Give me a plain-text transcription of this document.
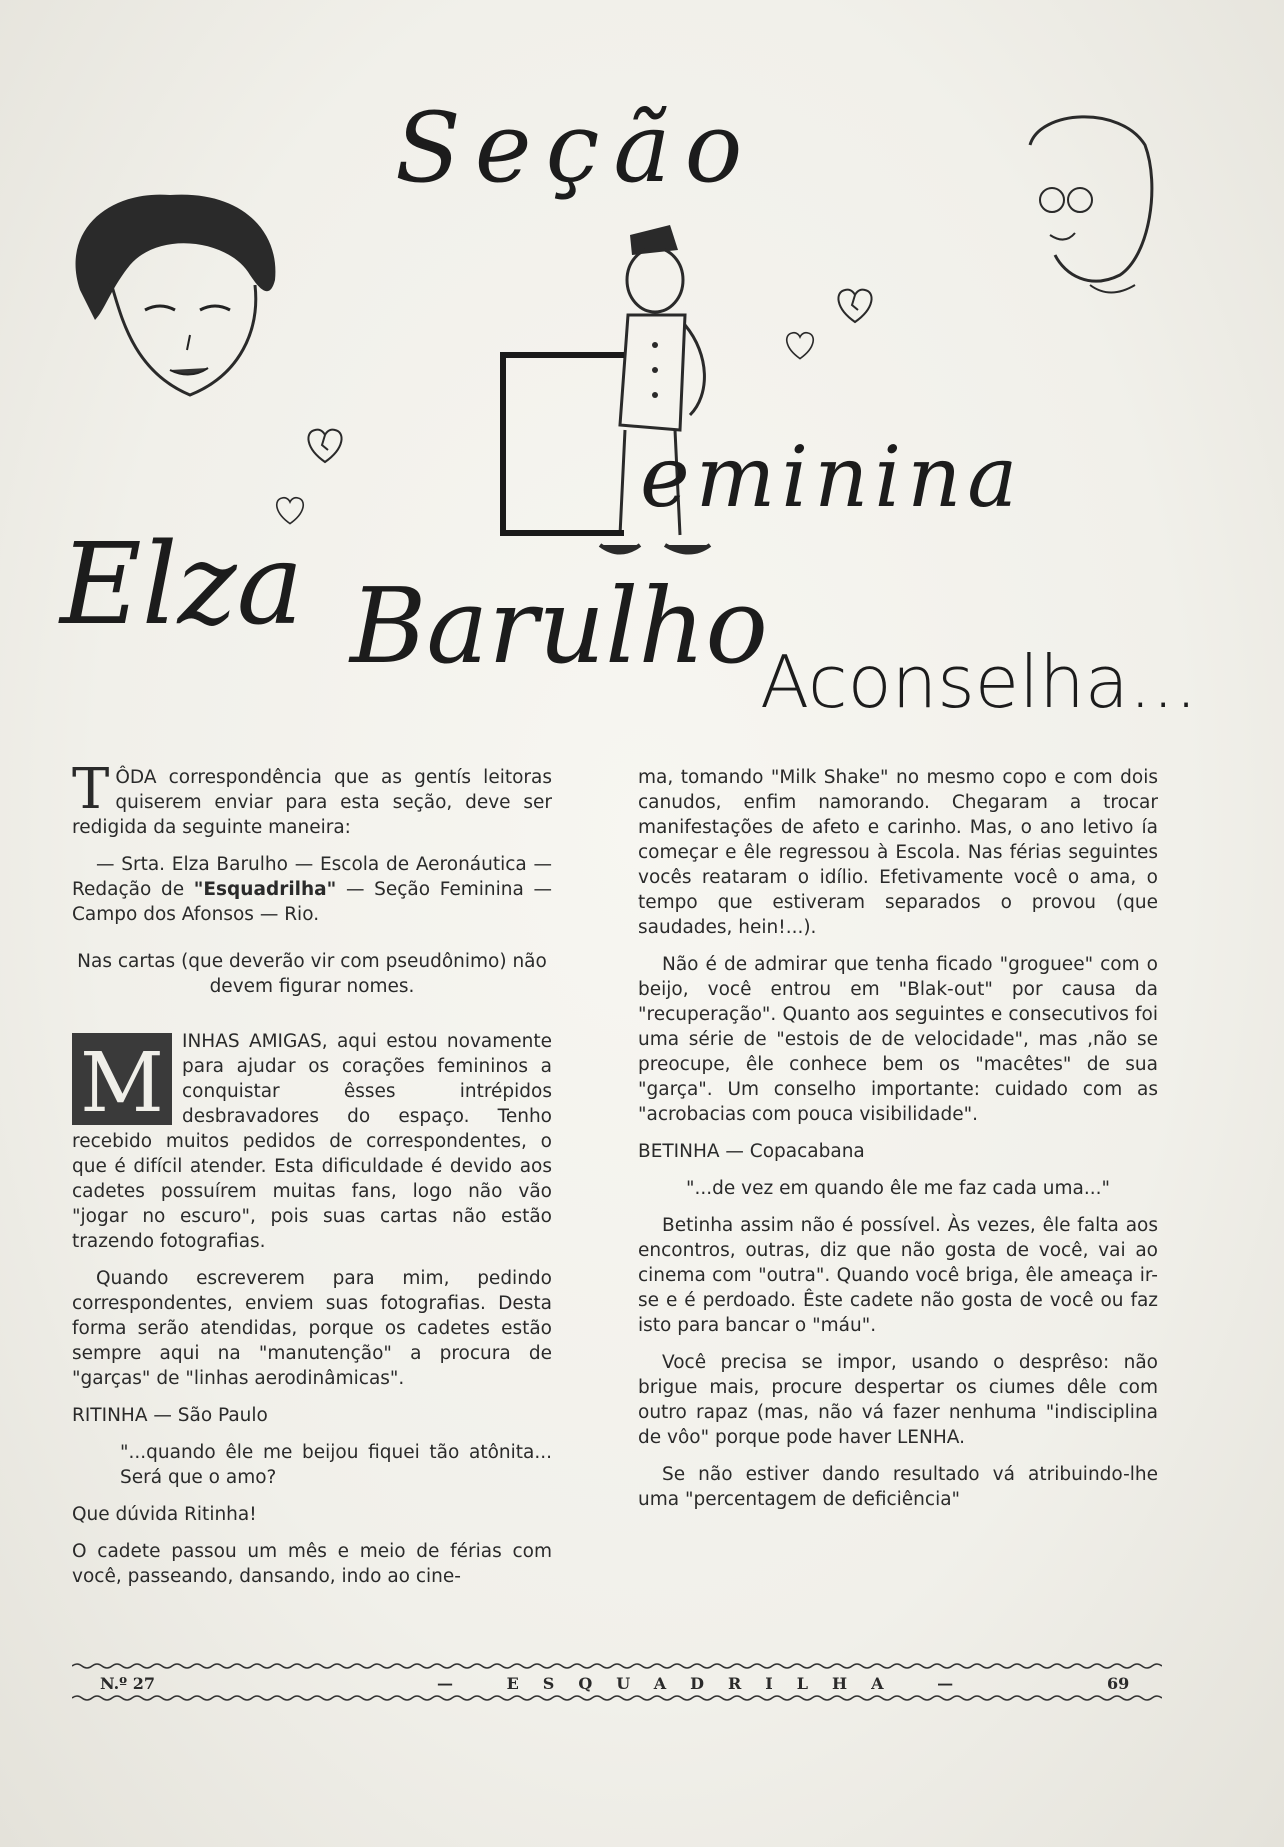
Seção
eminina
Elza Barulho
Aconselha...

T ÔDA correspondência que as gentís leitoras quiserem enviar para esta seção, deve ser redigida da seguinte maneira:

— Srta. Elza Barulho — Escola de Aeronáutica — Redação de "Esquadrilha" — Seção Feminina — Campo dos Afonsos — Rio.

Nas cartas (que deverão vir com pseudônimo) não devem figurar nomes.

M INHAS AMIGAS, aqui estou novamente para ajudar os corações femininos a conquistar êsses intrépidos desbravadores do espaço. Tenho recebido muitos pedidos de correspondentes, o que é difícil atender. Esta dificuldade é devido aos cadetes possuírem muitas fans, logo não vão "jogar no escuro", pois suas cartas não estão trazendo fotografias.

Quando escreverem para mim, pedindo correspondentes, enviem suas fotografias. Desta forma serão atendidas, porque os cadetes estão sempre aqui na "manutenção" a procura de "garças" de "linhas aerodinâmicas".

RITINHA — São Paulo

"...quando êle me beijou fiquei tão atônita... Será que o amo?

Que dúvida Ritinha!

O cadete passou um mês e meio de férias com você, passeando, dansando, indo ao cine-

ma, tomando "Milk Shake" no mesmo copo e com dois canudos, enfim namorando. Chegaram a trocar manifestações de afeto e carinho. Mas, o ano letivo ía começar e êle regressou à Escola. Nas férias seguintes vocês reataram o idílio. Efetivamente você o ama, o tempo que estiveram separados o provou (que saudades, hein!...).

Não é de admirar que tenha ficado "groguee" com o beijo, você entrou em "Blak-out" por causa da "recuperação". Quanto aos seguintes e consecutivos foi uma série de "estois de de velocidade", mas ,não se preocupe, êle conhece bem os "macêtes" de sua "garça". Um conselho importante: cuidado com as "acrobacias com pouca visibilidade".

BETINHA — Copacabana

"...de vez em quando êle me faz cada uma..."

Betinha assim não é possível. Às vezes, êle falta aos encontros, outras, diz que não gosta de você, vai ao cinema com "outra". Quando você briga, êle ameaça ir-se e é perdoado. Êste cadete não gosta de você ou faz isto para bancar o "máu".

Você precisa se impor, usando o desprêso: não brigue mais, procure despertar os ciumes dêle com outro rapaz (mas, não vá fazer nenhuma "indisciplina de vôo" porque pode haver LENHA.

Se não estiver dando resultado vá atribuindo-lhe uma "percentagem de deficiência"

N.º 27	— ESQUADRILHA —	69
